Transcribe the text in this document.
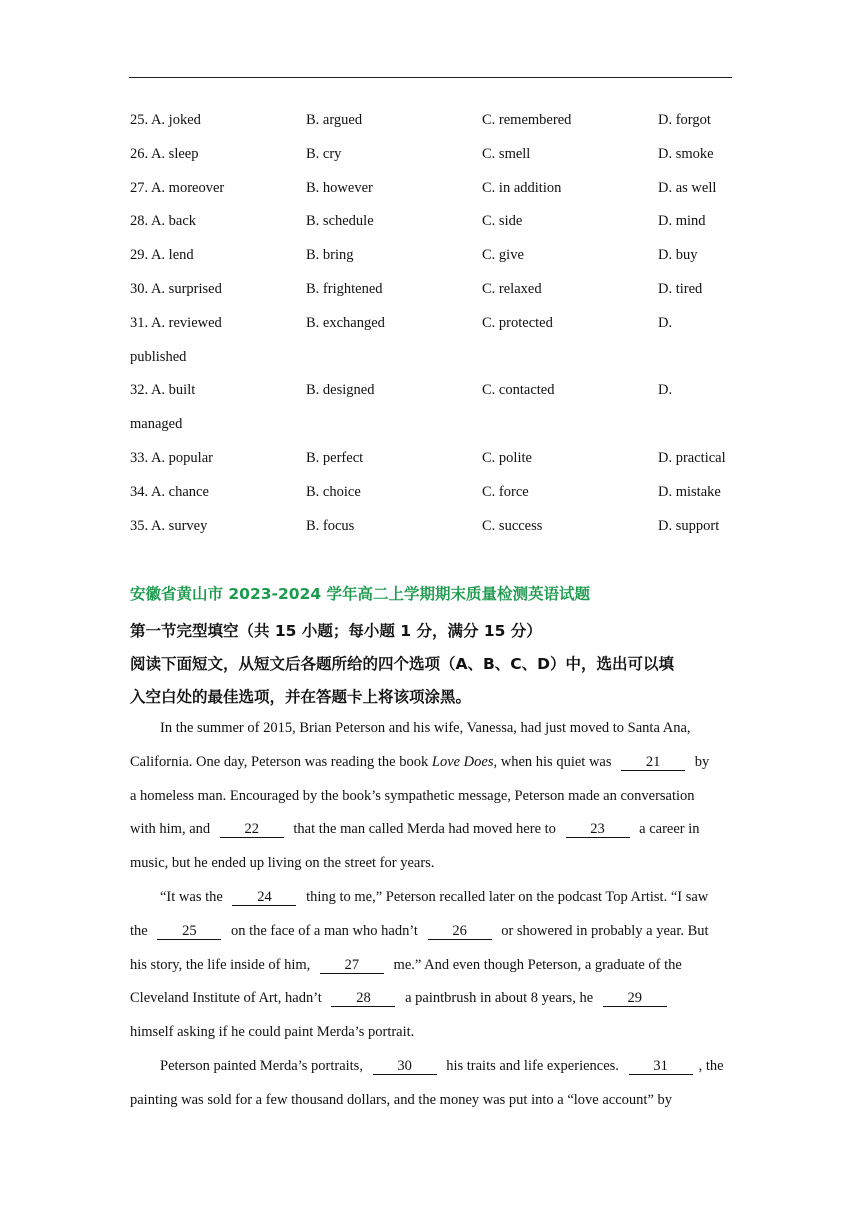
25. A. joked	B. argued	C. remembered	D. forgot
26. A. sleep	B. cry	C. smell	D. smoke
27. A. moreover	B. however	C. in addition	D. as well
28. A. back	B. schedule	C. side	D. mind
29. A. lend	B. bring	C. give	D. buy
30. A. surprised	B. frightened	C. relaxed	D. tired
31. A. reviewed	B. exchanged	C. protected	D.
published
32. A. built	B. designed	C. contacted	D.
managed
33. A. popular	B. perfect	C. polite	D. practical
34. A. chance	B. choice	C. force	D. mistake
35. A. survey	B. focus	C. success	D. support
安徽省黄山市 2023-2024 学年高二上学期期末质量检测英语试题
第一节完型填空（共 15 小题；每小题 1 分，满分 15 分）
阅读下面短文，从短文后各题所给的四个选项（A、B、C、D）中，选出可以填
入空白处的最佳选项，并在答题卡上将该项涂黑。
In the summer of 2015, Brian Peterson and his wife, Vanessa, had just moved to Santa Ana,
California. One day, Peterson was reading the book Love Does, when his quiet was 21 by
a homeless man. Encouraged by the book’s sympathetic message, Peterson made an conversation
with him, and 22 that the man called Merda had moved here to 23 a career in
music, but he ended up living on the street for years.
“It was the 24 thing to me,” Peterson recalled later on the podcast Top Artist. “I saw
the 25 on the face of a man who hadn’t 26 or showered in probably a year. But
his story, the life inside of him, 27 me.” And even though Peterson, a graduate of the
Cleveland Institute of Art, hadn’t 28 a paintbrush in about 8 years, he 29
himself asking if he could paint Merda’s portrait.
Peterson painted Merda’s portraits, 30 his traits and life experiences. 31 , the
painting was sold for a few thousand dollars, and the money was put into a “love account” by
